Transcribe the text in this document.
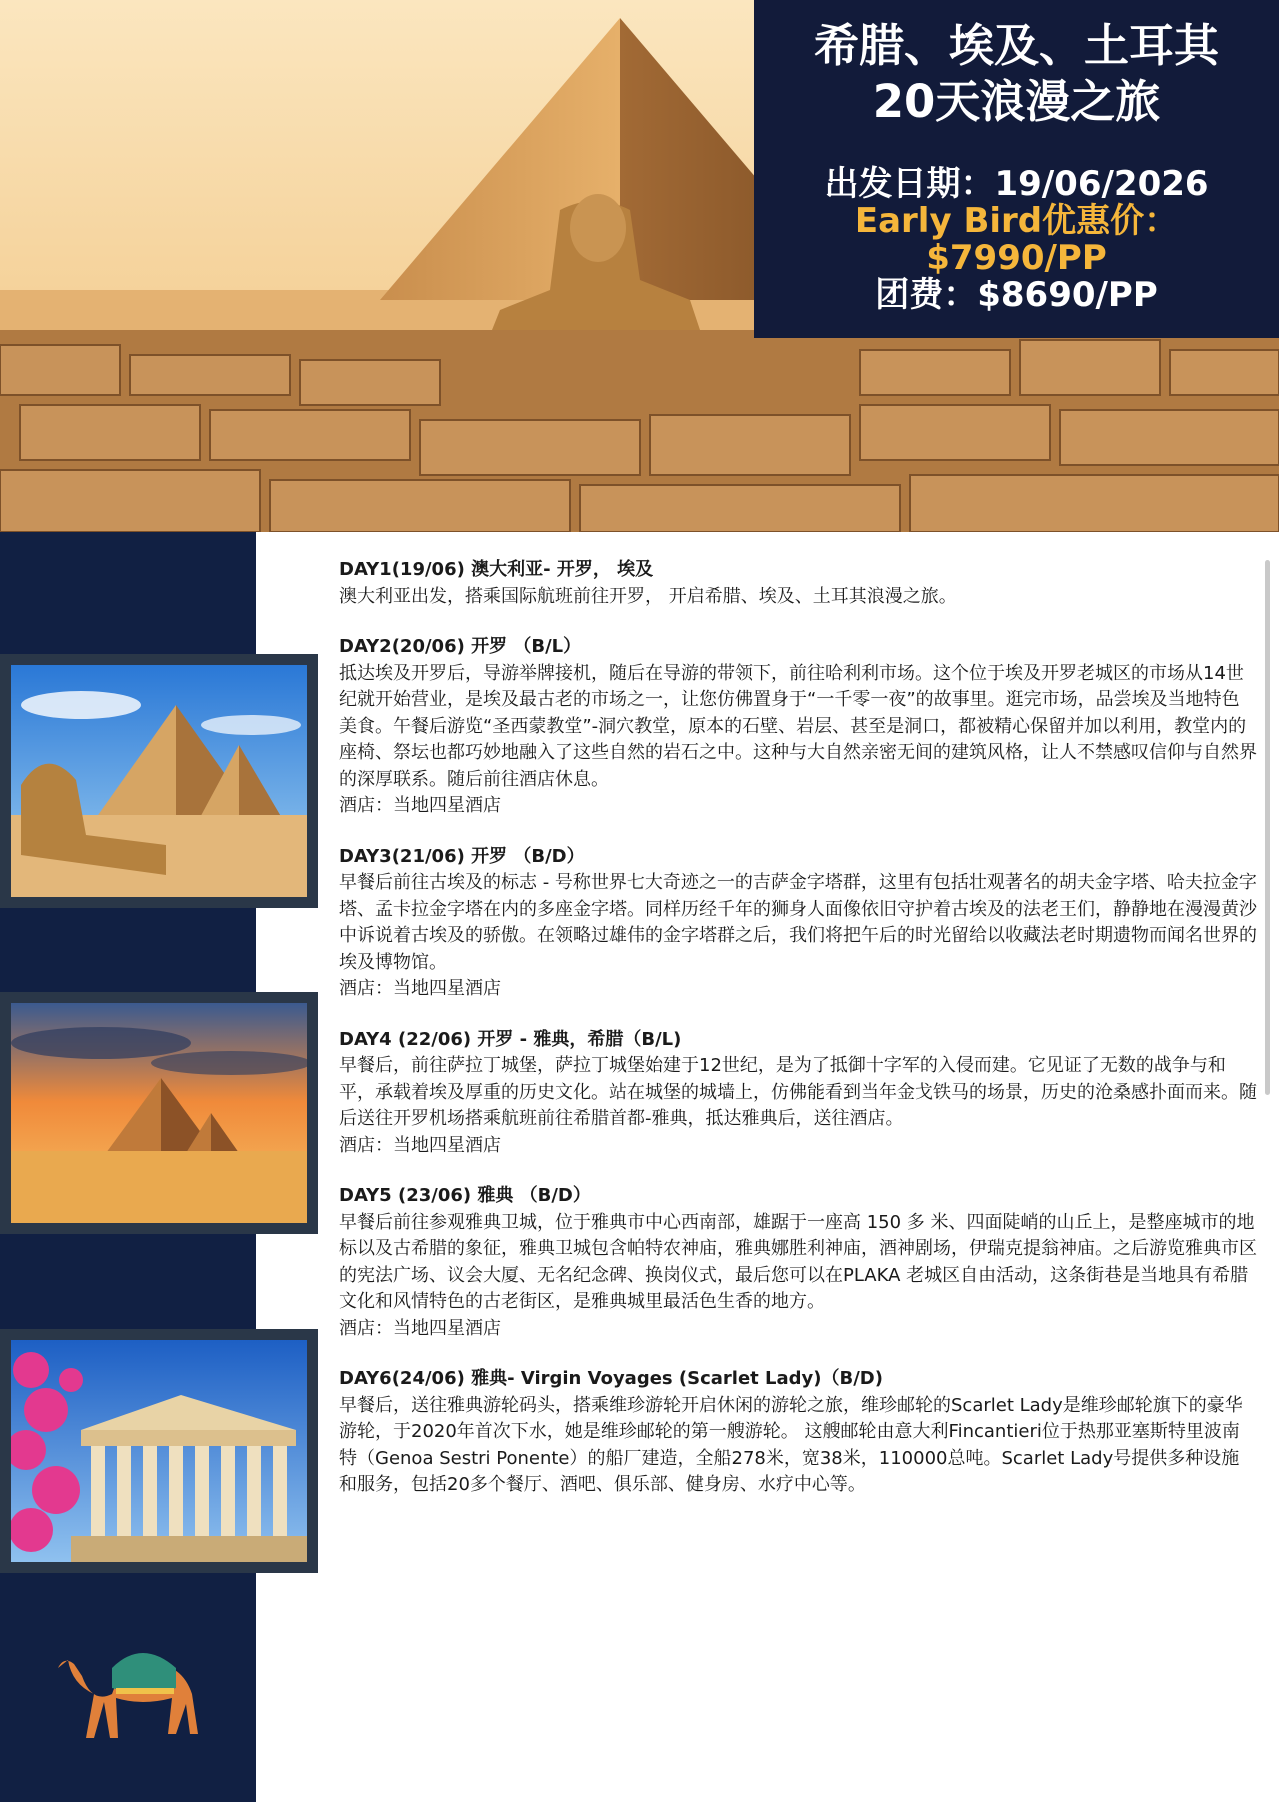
希腊、埃及、土耳其
20天浪漫之旅
出发日期：19/06/2026
Early Bird优惠价：
$7990/PP
团费：$8690/PP
DAY1(19/06) 澳大利亚- 开罗， 埃及

澳大利亚出发，搭乘国际航班前往开罗， 开启希腊、埃及、土耳其浪漫之旅。

DAY2(20/06) 开罗 （B/L）

抵达埃及开罗后，导游举牌接机，随后在导游的带领下，前往哈利利市场。这个位于埃及开罗老城区的市场从14世纪就开始营业，是埃及最古老的市场之一，让您仿佛置身于“一千零一夜”的故事里。逛完市场，品尝埃及当地特色美食。午餐后游览“圣西蒙教堂”-洞穴教堂，原本的石壁、岩层、甚至是洞口，都被精心保留并加以利用，教堂内的座椅、祭坛也都巧妙地融入了这些自然的岩石之中。这种与大自然亲密无间的建筑风格，让人不禁感叹信仰与自然界的深厚联系。随后前往酒店休息。

酒店：当地四星酒店

DAY3(21/06) 开罗 （B/D）

早餐后前往古埃及的标志 - 号称世界七大奇迹之一的吉萨金字塔群，这里有包括壮观著名的胡夫金字塔、哈夫拉金字塔、孟卡拉金字塔在内的多座金字塔。同样历经千年的狮身人面像依旧守护着古埃及的法老王们，静静地在漫漫黄沙中诉说着古埃及的骄傲。在领略过雄伟的金字塔群之后，我们将把午后的时光留给以收藏法老时期遗物而闻名世界的埃及博物馆。

酒店：当地四星酒店

DAY4 (22/06) 开罗 - 雅典，希腊（B/L)

早餐后，前往萨拉丁城堡，萨拉丁城堡始建于12世纪，是为了抵御十字军的入侵而建。它见证了无数的战争与和平，承载着埃及厚重的历史文化。站在城堡的城墙上，仿佛能看到当年金戈铁马的场景，历史的沧桑感扑面而来。随后送往开罗机场搭乘航班前往希腊首都-雅典，抵达雅典后，送往酒店。

酒店：当地四星酒店

DAY5 (23/06) 雅典 （B/D）

早餐后前往参观雅典卫城，位于雅典市中心西南部，雄踞于一座高 150 多 米、四面陡峭的山丘上，是整座城市的地标以及古希腊的象征，雅典卫城包含帕特农神庙，雅典娜胜利神庙，酒神剧场，伊瑞克提翁神庙。之后游览雅典市区的宪法广场、议会大厦、无名纪念碑、换岗仪式，最后您可以在PLAKA 老城区自由活动，这条街巷是当地具有希腊文化和风情特色的古老街区，是雅典城里最活色生香的地方。

酒店：当地四星酒店

DAY6(24/06) 雅典- Virgin Voyages (Scarlet Lady)（B/D)

早餐后，送往雅典游轮码头，搭乘维珍游轮开启休闲的游轮之旅，维珍邮轮的Scarlet Lady是维珍邮轮旗下的豪华游轮，于2020年首次下水，她是维珍邮轮的第一艘游轮。 这艘邮轮由意大利Fincantieri位于热那亚塞斯特里波南特（Genoa Sestri Ponente）的船厂建造，全船278米，宽38米，110000总吨。Scarlet Lady号提供多种设施和服务，包括20多个餐厅、酒吧、俱乐部、健身房、水疗中心等。
